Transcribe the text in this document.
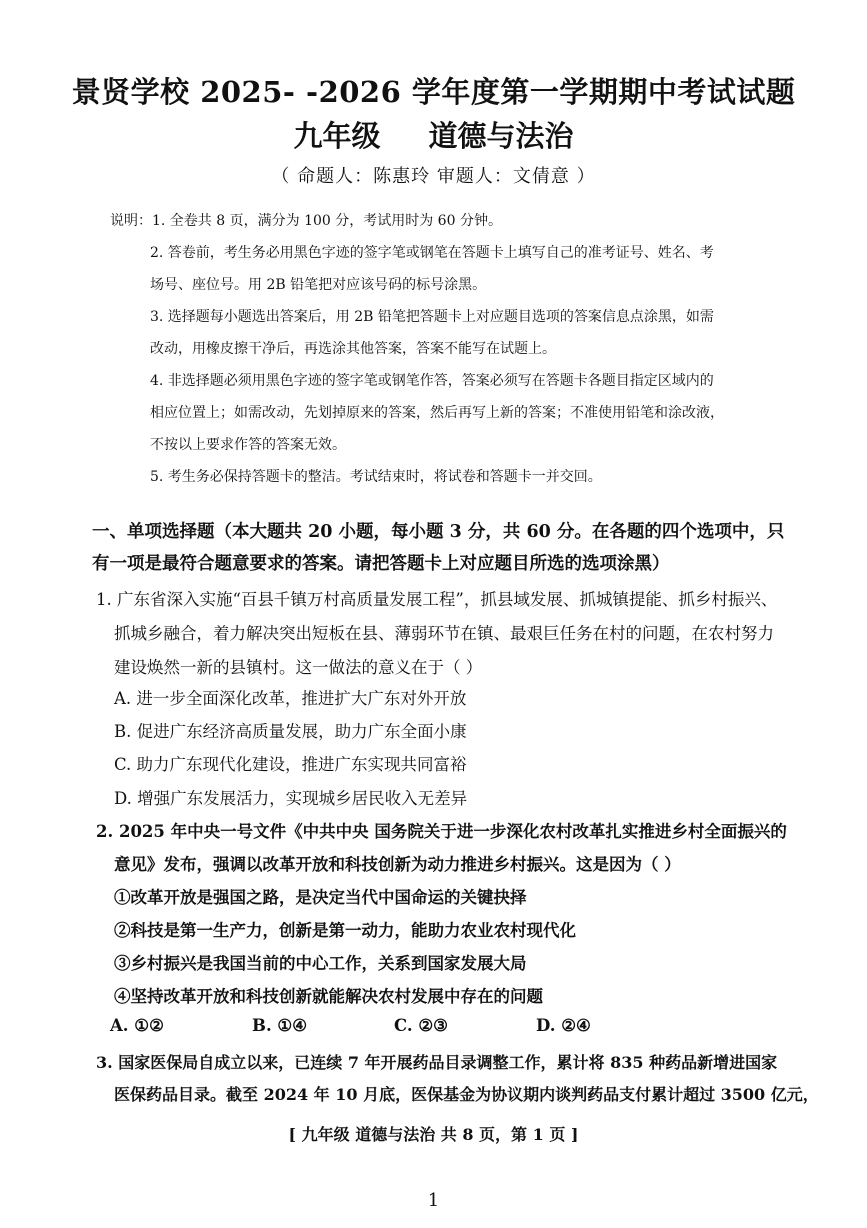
景贤学校 2025- -2026 学年度第一学期期中考试试题
九年级 道德与法治
（ 命题人：陈惠玲 审题人：文倩意 ）
说明：1. 全卷共 8 页，满分为 100 分，考试用时为 60 分钟。
2. 答卷前，考生务必用黑色字迹的签字笔或钢笔在答题卡上填写自己的准考证号、姓名、考
场号、座位号。用 2B 铅笔把对应该号码的标号涂黑。
3. 选择题每小题选出答案后，用 2B 铅笔把答题卡上对应题目选项的答案信息点涂黑，如需
改动，用橡皮擦干净后，再选涂其他答案，答案不能写在试题上。
4. 非选择题必须用黑色字迹的签字笔或钢笔作答，答案必须写在答题卡各题目指定区域内的
相应位置上；如需改动，先划掉原来的答案，然后再写上新的答案；不准使用铅笔和涂改液，
不按以上要求作答的答案无效。
5. 考生务必保持答题卡的整洁。考试结束时，将试卷和答题卡一并交回。
一、单项选择题（本大题共 20 小题，每小题 3 分，共 60 分。在各题的四个选项中，只
有一项是最符合题意要求的答案。请把答题卡上对应题目所选的选项涂黑）
1. 广东省深入实施“百县千镇万村高质量发展工程”，抓县域发展、抓城镇提能、抓乡村振兴、
抓城乡融合，着力解决突出短板在县、薄弱环节在镇、最艰巨任务在村的问题，在农村努力
建设焕然一新的县镇村。这一做法的意义在于（ ）
A. 进一步全面深化改革，推进扩大广东对外开放
B. 促进广东经济高质量发展，助力广东全面小康
C. 助力广东现代化建设，推进广东实现共同富裕
D. 增强广东发展活力，实现城乡居民收入无差异
2. 2025 年中央一号文件《中共中央 国务院关于进一步深化农村改革扎实推进乡村全面振兴的
意见》发布，强调以改革开放和科技创新为动力推进乡村振兴。这是因为（ ）
①改革开放是强国之路，是决定当代中国命运的关键抉择
②科技是第一生产力，创新是第一动力，能助力农业农村现代化
③乡村振兴是我国当前的中心工作，关系到国家发展大局
④坚持改革开放和科技创新就能解决农村发展中存在的问题
A. ①②	B. ①④	C. ②③	D. ②④
3. 国家医保局自成立以来，已连续 7 年开展药品目录调整工作，累计将 835 种药品新增进国家
医保药品目录。截至 2024 年 10 月底，医保基金为协议期内谈判药品支付累计超过 3500 亿元，
[ 九年级 道德与法治 共 8 页，第 1 页 ]
1
